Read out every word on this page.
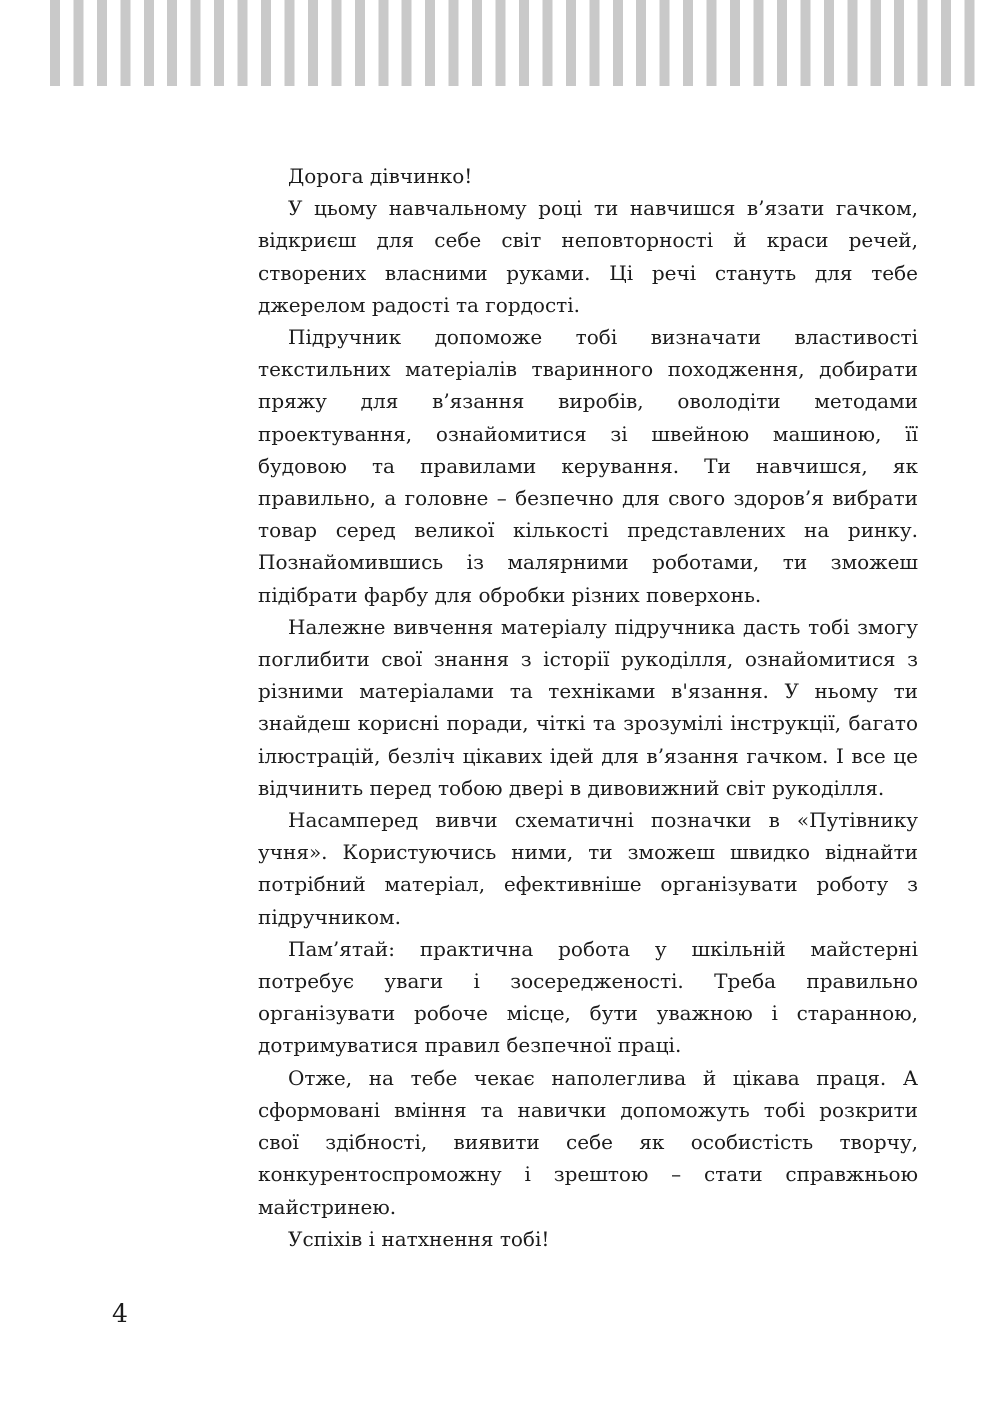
Дорога дівчинко!

У цьому навчальному році ти навчишся в’язати гачком, відкриєш для себе світ неповторності й краси речей, створених власними руками. Ці речі стануть для тебе джерелом радості та гордості.

Підручник допоможе тобі визначати властивості текстильних матеріалів тваринного походження, добирати пряжу для в’язання виробів, оволодіти методами проектування, ознайомитися зі швейною машиною, її будовою та правилами керування. Ти навчишся, як правильно, а головне – безпечно для свого здоров’я вибрати товар серед великої кількості представлених на ринку. Познайомившись із малярними роботами, ти зможеш підібрати фарбу для обробки різних поверхонь.

Належне вивчення матеріалу підручника дасть тобі змогу поглибити свої знання з історії рукоділля, ознайомитися з різними матеріалами та техніками в'язання. У ньому ти знайдеш корисні поради, чіткі та зрозумілі інструкції, багато ілюстрацій, безліч цікавих ідей для в’язання гачком. І все це відчинить перед тобою двері в дивовижний світ рукоділля.

Насамперед вивчи схематичні позначки в «Путівнику учня». Користуючись ними, ти зможеш швидко віднайти потрібний матеріал, ефективніше організувати роботу з підручником.

Пам’ятай: практична робота у шкільній майстерні потребує уваги і зосередженості. Треба правильно організувати робоче місце, бути уважною і старанною, дотримуватися правил безпечної праці.

Отже, на тебе чекає наполеглива й цікава праця. А сформовані вміння та навички допоможуть тобі розкрити свої здібності, виявити себе як особистість творчу, конкурентоспроможну і зрештою – стати справжньою майстринею.

Успіхів і натхнення тобі!

4
